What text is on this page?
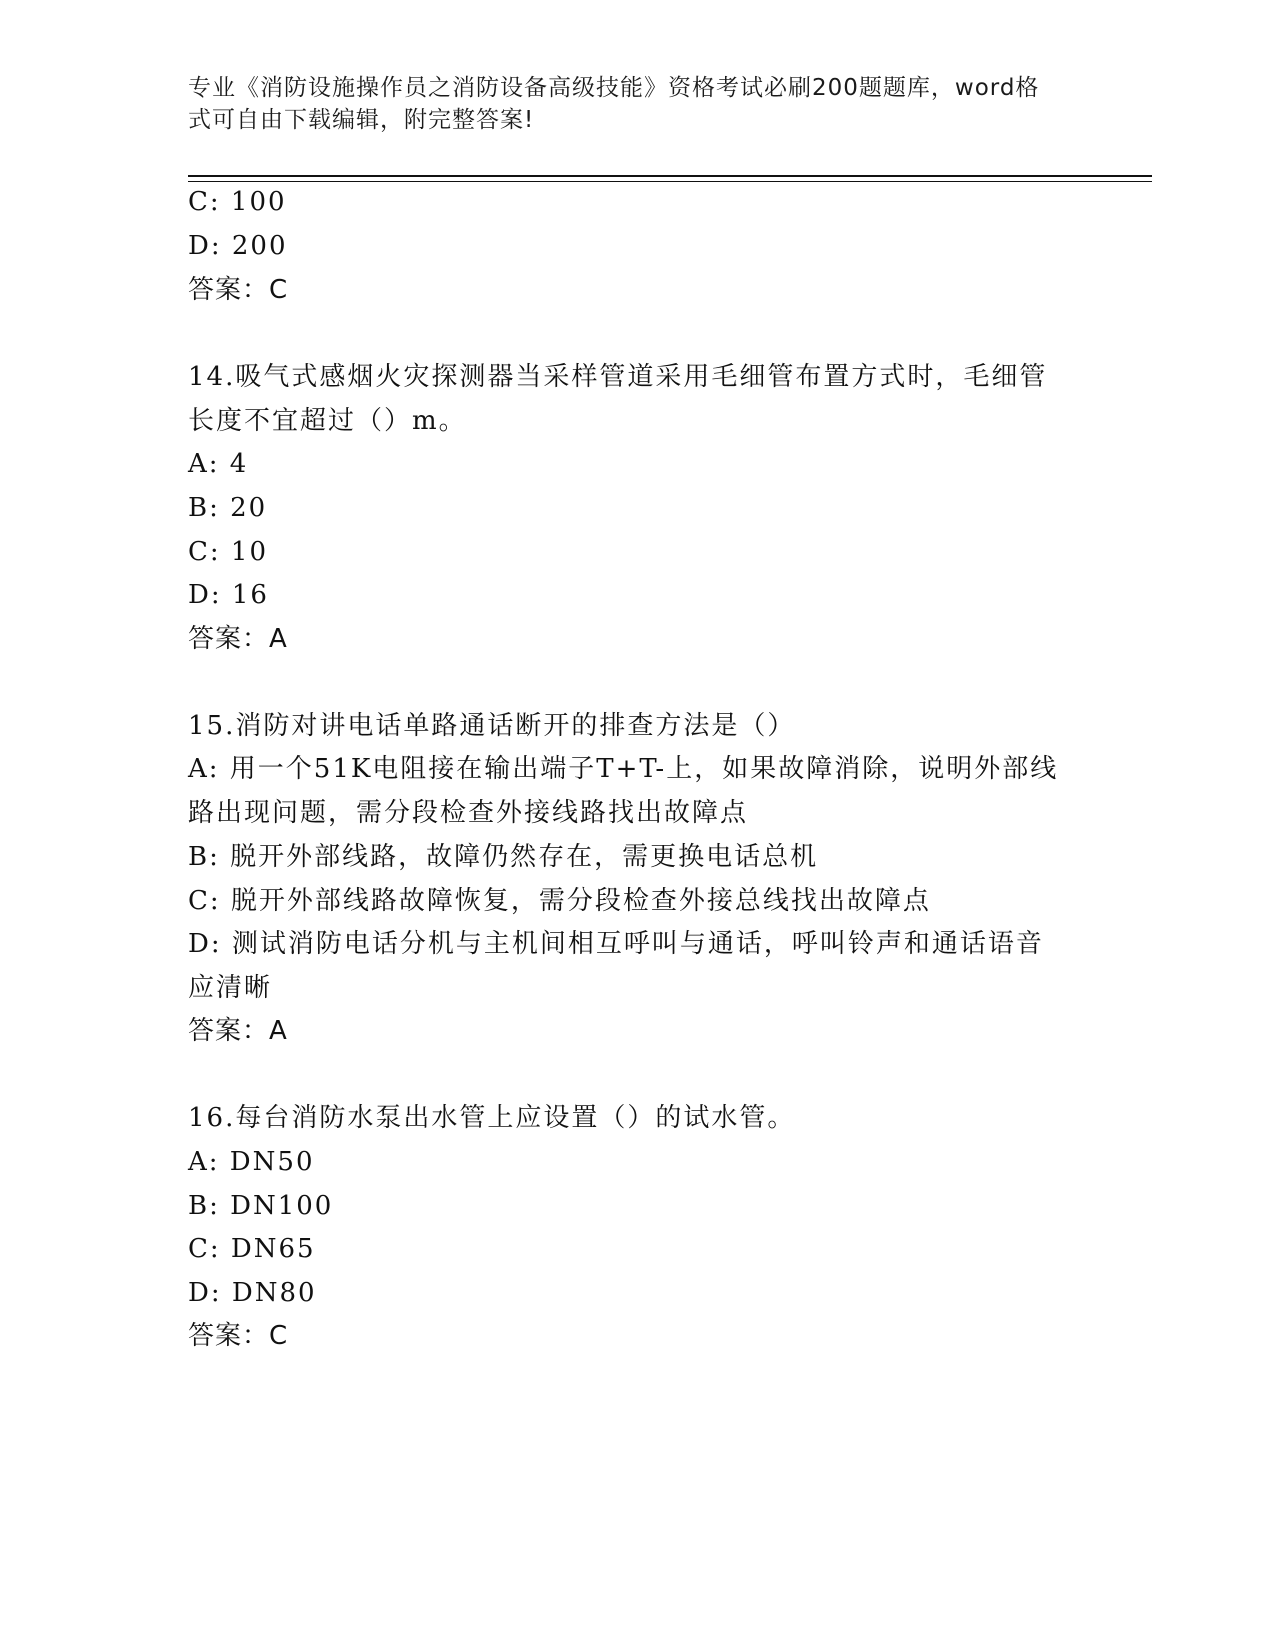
专业《消防设施操作员之消防设备高级技能》资格考试必刷200题题库，word格
式可自由下载编辑，附完整答案!
C: 100
D: 200
答案：C
14.吸气式感烟火灾探测器当采样管道采用毛细管布置方式时，毛细管
长度不宜超过（）m。
A: 4
B: 20
C: 10
D: 16
答案：A
15.消防对讲电话单路通话断开的排查方法是（）
A: 用一个51K电阻接在输出端子T+T-上，如果故障消除，说明外部线
路出现问题，需分段检查外接线路找出故障点
B: 脱开外部线路，故障仍然存在，需更换电话总机
C: 脱开外部线路故障恢复，需分段检查外接总线找出故障点
D: 测试消防电话分机与主机间相互呼叫与通话，呼叫铃声和通话语音
应清晰
答案：A
16.每台消防水泵出水管上应设置（）的试水管。
A: DN50
B: DN100
C: DN65
D: DN80
答案：C
